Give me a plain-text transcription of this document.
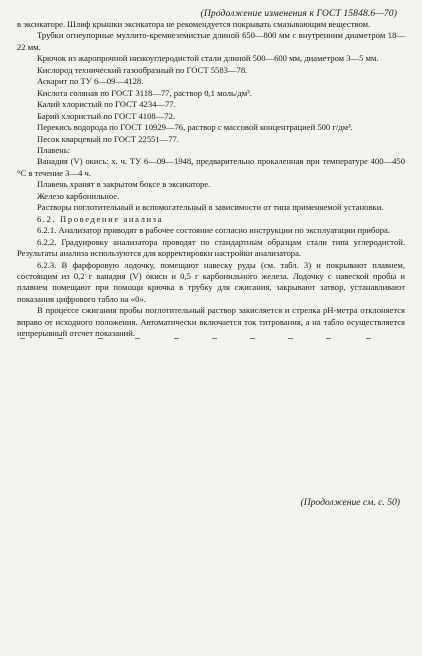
(Продолжение изменения к ГОСТ 15848.6—70)

в эксикаторе. Шлиф крышки эксикатора не рекомендуется покрывать смазывающим веществом.

Трубки огнеупорные муллито-кремнеземистые длиной 650—800 мм с внутренним диаметром 18—22 мм.

Крючок из жаропрочной низкоуглеродистой стали длиной 500—600 мм, диаметром 3—5 мм.

Кислород технический газообразный по ГОСТ 5583—78.

Аскарит по ТУ 6—09—4128.

Кислота соляная по ГОСТ 3118—77, раствор 0,1 моль/дм³.

Калий хлористый по ГОСТ 4234—77.

Барий хлористый по ГОСТ 4108—72.

Перекись водорода по ГОСТ 10929—76, раствор с массовой концентрацией 500 г/дм³.

Песок кварцевый по ГОСТ 22551—77.

Плавень:

Ванадия (V) окись: х. ч. ТУ 6—09—1948, предварительно прокаленная при температуре 400—450 °С в течение 3—4 ч.

Плавень хранят в закрытом боксе в эксикаторе.

Железо карбонильное.

Растворы поглотительный и вспомогательный в зависимости от типа применяемой установки.

6.2. Проведение анализа

6.2.1. Анализатор приводят в рабочее состояние согласно инструкции по эксплуатации прибора.

6.2.2. Градуировку анализатора проводят по стандартным образцам стали типа углеродистой. Результаты анализа используются для корректировки настройки анализатора.

6.2.3. В фарфоровую лодочку, помещают навеску руды (см. табл. 3) и покрывают плавнем, состоящим из 0,2 г ванадия (V) окиси и 0,5 г карбонильного железа. Лодочку с навеской пробы и плавнем помещают при помощи крючка в трубку для сжигания, закрывают затвор, устанавливают показания цифрового табло на «0».

В процессе сжигания пробы поглотительный раствор закисляется и стрелка рН-метра отклоняется вправо от исходного положения. Автоматически включается ток титрования, а на табло осуществляется непрерывный отсчет показаний.

(Продолжение см. с. 50)
